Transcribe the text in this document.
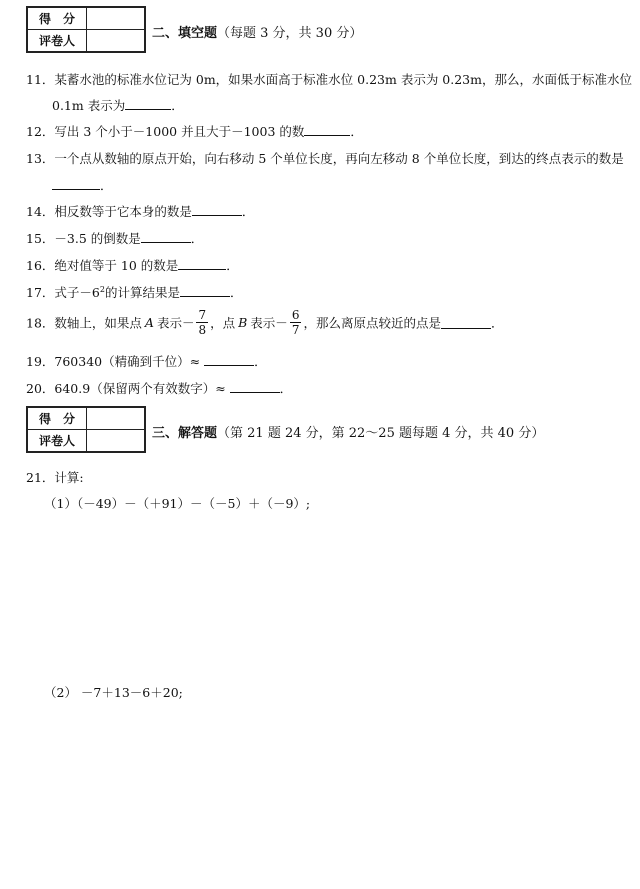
得　分	
评卷人		二、填空题（每题 3 分，共 30 分）
11．某蓄水池的标准水位记为 0m，如果水面高于标准水位 0.23m 表示为 0.23m，那么，水面低于标准水位
0.1m 表示为	．
12．写出 3 个小于－1000 并且大于－1003 的数	．
13．一个点从数轴的原点开始，向右移动 5 个单位长度，再向左移动 8 个单位长度，到达的终点表示的数是
．
14．相反数等于它本身的数是	．
15．－3.5 的倒数是	．
16．绝对值等于 10 的数是	．
17．式子$-6^2$的计算结果是	．
18．数轴上，如果点 A 表示－ $\frac{7}{8}$ ，点 B 表示－ $\frac{6}{7}$ ，那么离原点较近的点是	．
19．760340（精确到千位）≈	．
20．640.9（保留两个有效数字）≈	．
得　分	
评卷人		三、解答题（第 21 题 24 分，第 22～25 题每题 4 分，共 40 分）
21．计算:
（1）（－49）－（＋91）－（－5）＋（－9）;
（2） －7＋13－6＋20;
